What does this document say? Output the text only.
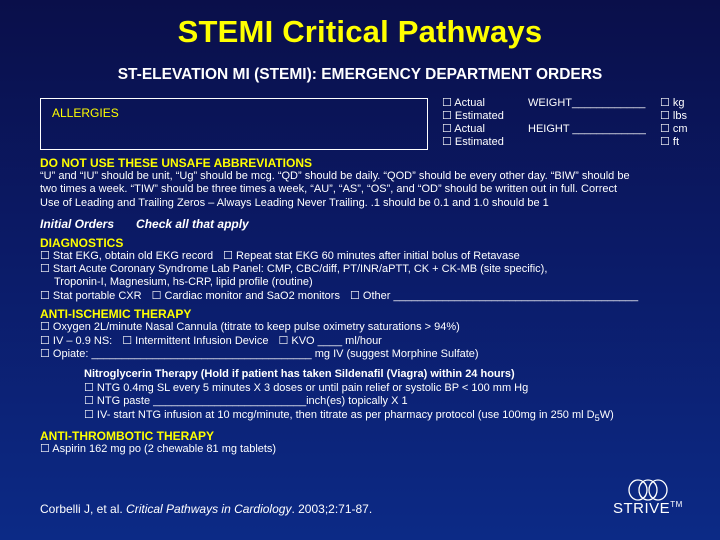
STEMI Critical Pathways
ST-ELEVATION MI (STEMI): EMERGENCY DEPARTMENT ORDERS
ALLERGIES
☐ Actual	WEIGHT____________	☐ kg
☐ Estimated	☐ lbs
☐ Actual	HEIGHT ____________	☐ cm
☐ Estimated	☐ ft
DO NOT USE THESE UNSAFE ABBREVIATIONS
“U” and “IU” should be unit, “Ug” should be mcg. “QD” should be daily. “QOD” should be every other day. “BIW” should be
two times a week. “TIW” should be three times a week, “AU”, “AS”, “OS”, and “OD” should be written out in full. Correct
Use of Leading and Trailing Zeros – Always Leading Never Trailing. .1 should be 0.1 and 1.0 should be 1
Initial Orders Check all that apply
DIAGNOSTICS
☐ Stat EKG, obtain old EKG record ☐ Repeat stat EKG 60 minutes after initial bolus of Retavase
☐ Start Acute Coronary Syndrome Lab Panel: CMP, CBC/diff, PT/INR/aPTT, CK + CK-MB (site specific),
Troponin-I, Magnesium, hs-CRP, lipid profile (routine)
☐ Stat portable CXR ☐ Cardiac monitor and SaO2 monitors ☐ Other ________________________________________
ANTI-ISCHEMIC THERAPY
☐ Oxygen 2L/minute Nasal Cannula (titrate to keep pulse oximetry saturations > 94%)
☐ IV – 0.9 NS: ☐ Intermittent Infusion Device ☐ KVO ____ ml/hour
☐ Opiate: ____________________________________ mg IV (suggest Morphine Sulfate)
Nitroglycerin Therapy (Hold if patient has taken Sildenafil (Viagra) within 24 hours)
☐ NTG 0.4mg SL every 5 minutes X 3 doses or until pain relief or systolic BP < 100 mm Hg
☐ NTG paste _________________________inch(es) topically X 1
☐ IV- start NTG infusion at 10 mcg/minute, then titrate as per pharmacy protocol (use 100mg in 250 ml $D_5W$)
ANTI-THROMBOTIC THERAPY
☐ Aspirin 162 mg po (2 chewable 81 mg tablets)
Corbelli J, et al. Critical Pathways in Cardiology. 2003;2:71-87.	STRIVE™
